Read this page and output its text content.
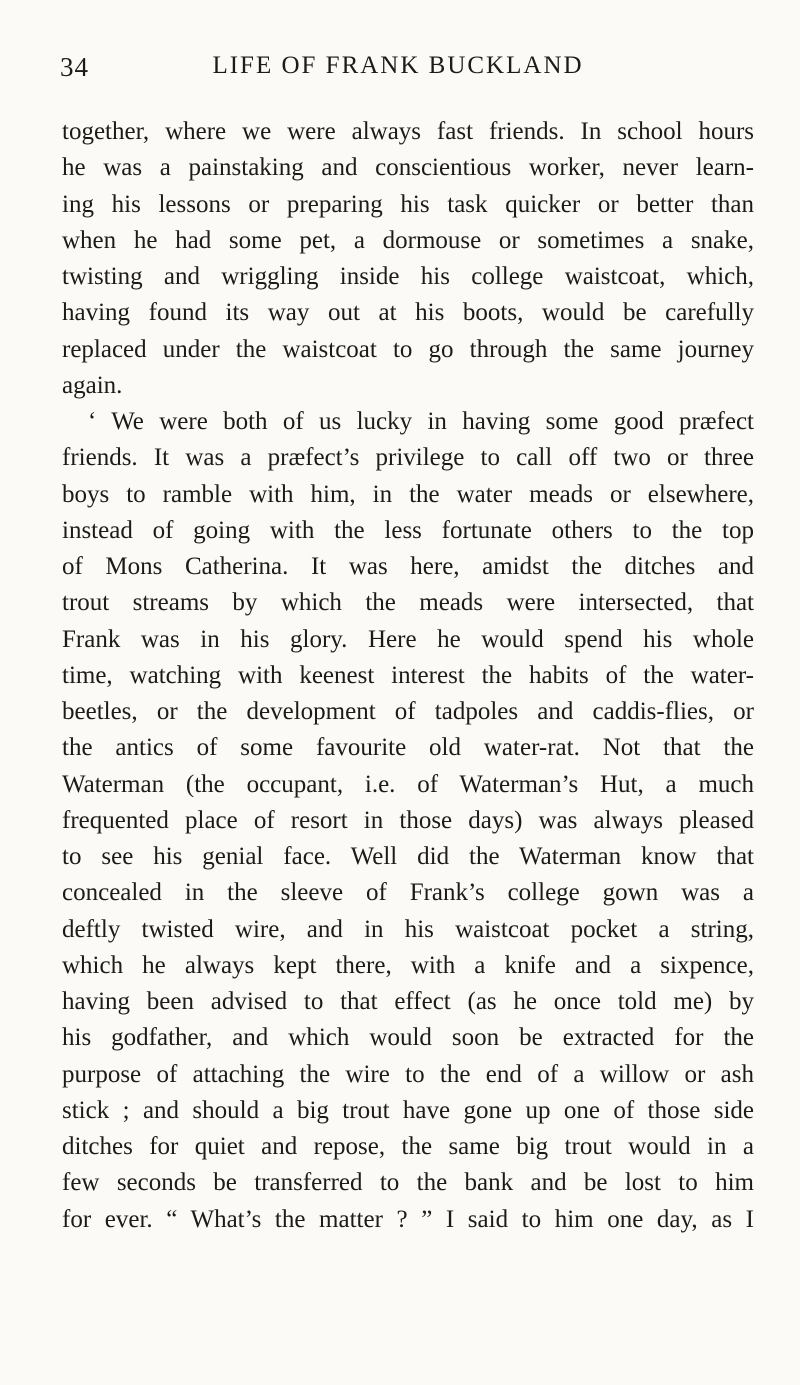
34	LIFE OF FRANK BUCKLAND
together, where we were always fast friends. In school hours
he was a painstaking and conscientious worker, never learn-
ing his lessons or preparing his task quicker or better than
when he had some pet, a dormouse or sometimes a snake,
twisting and wriggling inside his college waistcoat, which,
having found its way out at his boots, would be carefully
replaced under the waistcoat to go through the same journey
again.
‘ We were both of us lucky in having some good præfect
friends. It was a præfect’s privilege to call off two or three
boys to ramble with him, in the water meads or elsewhere,
instead of going with the less fortunate others to the top
of Mons Catherina. It was here, amidst the ditches and
trout streams by which the meads were intersected, that
Frank was in his glory. Here he would spend his whole
time, watching with keenest interest the habits of the water-
beetles, or the development of tadpoles and caddis-flies, or
the antics of some favourite old water-rat. Not that the
Waterman (the occupant, i.e. of Waterman’s Hut, a much
frequented place of resort in those days) was always pleased
to see his genial face. Well did the Waterman know that
concealed in the sleeve of Frank’s college gown was a
deftly twisted wire, and in his waistcoat pocket a string,
which he always kept there, with a knife and a sixpence,
having been advised to that effect (as he once told me) by
his godfather, and which would soon be extracted for the
purpose of attaching the wire to the end of a willow or ash
stick ; and should a big trout have gone up one of those side
ditches for quiet and repose, the same big trout would in a
few seconds be transferred to the bank and be lost to him
for ever. “ What’s the matter ? ” I said to him one day, as I
